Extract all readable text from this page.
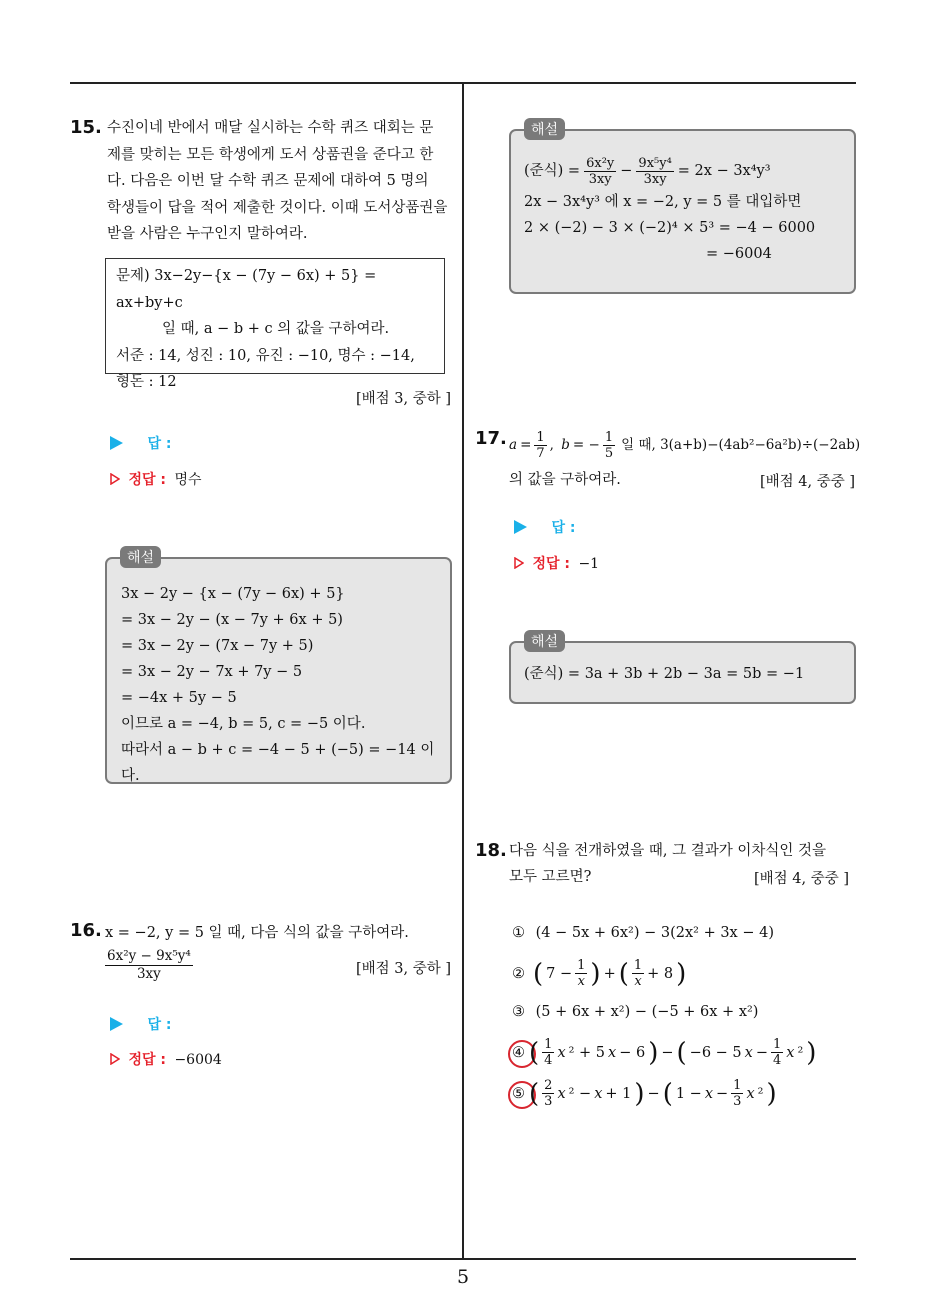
5
15. 수진이네 반에서 매달 실시하는 수학 퀴즈 대회는 문
제를 맞히는 모든 학생에게 도서 상품권을 준다고 한
다. 다음은 이번 달 수학 퀴즈 문제에 대하여 5 명의
학생들이 답을 적어 제출한 것이다. 이때 도서상품권을
받을 사람은 누구인지 말하여라.
문제) 3x−2y−{x − (7y − 6x) + 5} = ax+by+c
일 때, a − b + c 의 값을 구하여라.
서준 : 14, 성진 : 10, 유진 : −10, 명수 : −14,
형돈 : 12
[배점 3, 중하 ]
답 :
정답 : 명수
3x − 2y − {x − (7y − 6x) + 5}
= 3x − 2y − (x − 7y + 6x + 5)
= 3x − 2y − (7x − 7y + 5)
= 3x − 2y − 7x + 7y − 5
= −4x + 5y − 5
이므로 a = −4, b = 5, c = −5 이다.
따라서 a − b + c = −4 − 5 + (−5) = −14 이다.
해설
16. x = −2, y = 5 일 때, 다음 식의 값을 구하여라.
$\frac{\text{6x²y − 9x⁵y⁴}}{3xy}$	[배점 3, 중하 ]
답 :
정답 : −6004
(준식) = $\frac{\text{6x²y}}{3xy} - \frac{\text{9x⁵y⁴}}{3xy} = 2x - 3x^4y^3$
2x − 3x⁴y³ 에 x = −2, y = 5 를 대입하면
2 × (−2) − 3 × (−2)⁴ × 5³ = −4 − 6000
= −6004
해설
17. $a = \frac{1}{7}$ , b = − $\frac{1}{5}$ 일 때, 3(a+b)−(4ab²−6a²b)÷(−2ab)
의 값을 구하여라.	[배점 4, 중중 ]
답 :
정답 : −1
(준식) = 3a + 3b + 2b − 3a = 5b = −1
해설
18. 다음 식을 전개하였을 때, 그 결과가 이차식인 것을
모두 고르면?	[배점 4, 중중 ]
① (4 − 5x + 6x²) − 3(2x² + 3x − 4)
② ( $7 - \frac{1}{x}$ ) + ( $\frac{1}{x} + 8$ )
③ (5 + 6x + x²) − (−5 + 6x + x²)
④ ( $\frac{1}{4}$ x ² + 5 x − 6 ) − ( −6 − 5 $x - \frac{1}{4}$ x ² )
⑤ ( $\frac{2}{3}$ x ² − x + 1 ) − ( $1 - x - \frac{1}{3}$ x ² )
